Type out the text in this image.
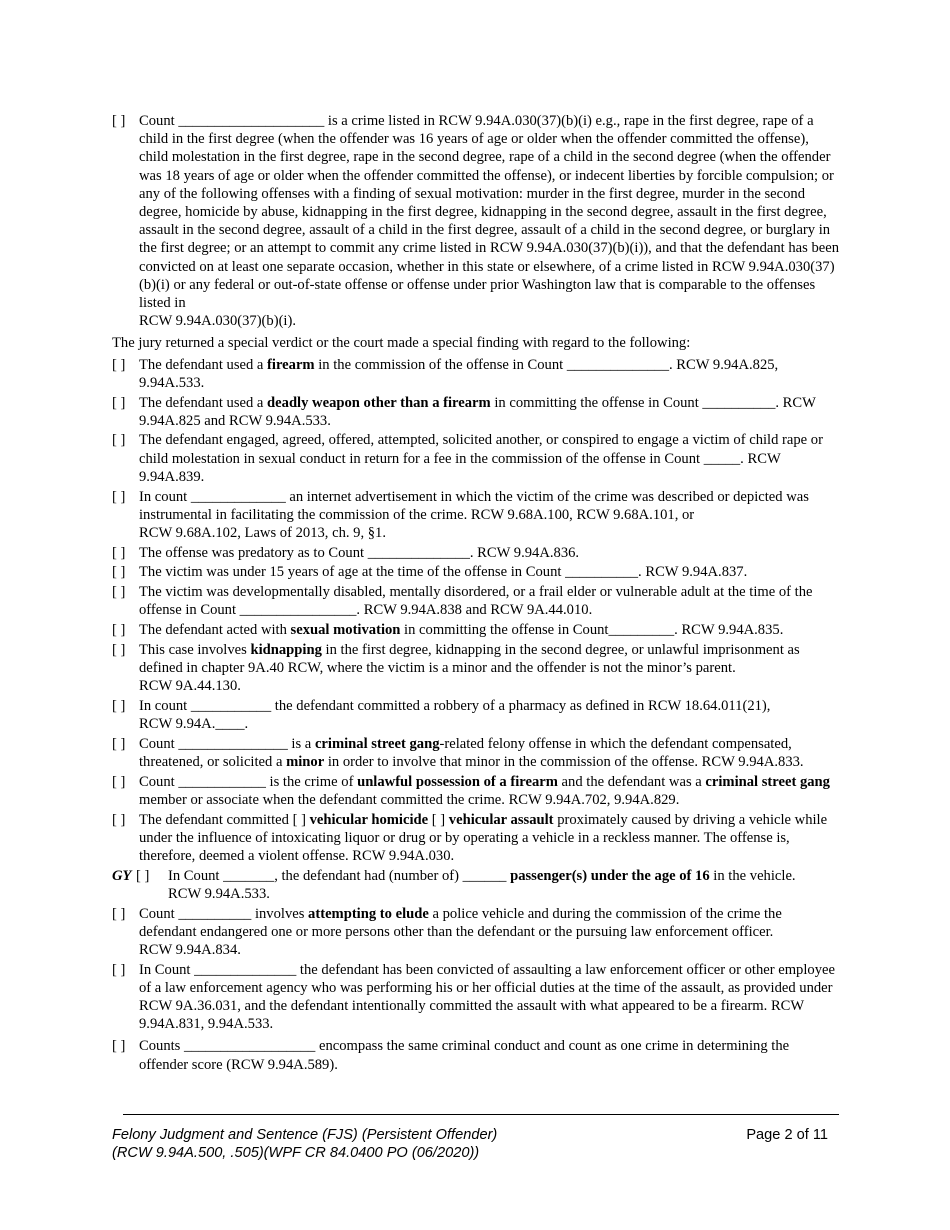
[ ] Count ____________________ is a crime listed in RCW 9.94A.030(37)(b)(i) e.g., rape in the first degree, rape of a child in the first degree (when the offender was 16 years of age or older when the offender committed the offense), child molestation in the first degree, rape in the second degree, rape of a child in the second degree (when the offender was 18 years of age or older when the offender committed the offense), or indecent liberties by forcible compulsion; or any of the following offenses with a finding of sexual motivation: murder in the first degree, murder in the second degree, homicide by abuse, kidnapping in the first degree, kidnapping in the second degree, assault in the first degree, assault in the second degree, assault of a child in the first degree, assault of a child in the second degree, or burglary in the first degree; or an attempt to commit any crime listed in RCW 9.94A.030(37)(b)(i)), and that the defendant has been convicted on at least one separate occasion, whether in this state or elsewhere, of a crime listed in RCW 9.94A.030(37)(b)(i) or any federal or out-of-state offense or offense under prior Washington law that is comparable to the offenses listed in
RCW 9.94A.030(37)(b)(i).
The jury returned a special verdict or the court made a special finding with regard to the following:
[ ] The defendant used a firearm in the commission of the offense in Count ______________. RCW 9.94A.825, 9.94A.533.
[ ] The defendant used a deadly weapon other than a firearm in committing the offense in Count __________. RCW 9.94A.825 and RCW 9.94A.533.
[ ] The defendant engaged, agreed, offered, attempted, solicited another, or conspired to engage a victim of child rape or child molestation in sexual conduct in return for a fee in the commission of the offense in Count _____. RCW 9.94A.839.
[ ] In count _____________ an internet advertisement in which the victim of the crime was described or depicted was instrumental in facilitating the commission of the crime. RCW 9.68A.100, RCW 9.68A.101, or
RCW 9.68A.102, Laws of 2013, ch. 9, §1.
[ ] The offense was predatory as to Count ______________. RCW 9.94A.836.
[ ] The victim was under 15 years of age at the time of the offense in Count __________. RCW 9.94A.837.
[ ] The victim was developmentally disabled, mentally disordered, or a frail elder or vulnerable adult at the time of the offense in Count ________________. RCW 9.94A.838 and RCW 9A.44.010.
[ ] The defendant acted with sexual motivation in committing the offense in Count_________. RCW 9.94A.835.
[ ] This case involves kidnapping in the first degree, kidnapping in the second degree, or unlawful imprisonment as defined in chapter 9A.40 RCW, where the victim is a minor and the offender is not the minor’s parent.
RCW 9A.44.130.
[ ] In count ___________ the defendant committed a robbery of a pharmacy as defined in RCW 18.64.011(21),
RCW 9.94A.____.
[ ] Count _______________ is a criminal street gang-related felony offense in which the defendant compensated, threatened, or solicited a minor in order to involve that minor in the commission of the offense. RCW 9.94A.833.
[ ] Count ____________ is the crime of unlawful possession of a firearm and the defendant was a criminal street gang member or associate when the defendant committed the crime. RCW 9.94A.702, 9.94A.829.
[ ] The defendant committed [ ] vehicular homicide [ ] vehicular assault proximately caused by driving a vehicle while under the influence of intoxicating liquor or drug or by operating a vehicle in a reckless manner. The offense is, therefore, deemed a violent offense. RCW 9.94A.030.
GY [ ] In Count _______, the defendant had (number of) ______ passenger(s) under the age of 16 in the vehicle.
RCW 9.94A.533.
[ ] Count __________ involves attempting to elude a police vehicle and during the commission of the crime the defendant endangered one or more persons other than the defendant or the pursuing law enforcement officer.
RCW 9.94A.834.
[ ] In Count ______________ the defendant has been convicted of assaulting a law enforcement officer or other employee of a law enforcement agency who was performing his or her official duties at the time of the assault, as provided under RCW 9A.36.031, and the defendant intentionally committed the assault with what appeared to be a firearm. RCW 9.94A.831, 9.94A.533.
[ ] Counts __________________ encompass the same criminal conduct and count as one crime in determining the offender score (RCW 9.94A.589).
Felony Judgment and Sentence (FJS) (Persistent Offender)
(RCW 9.94A.500, .505)(WPF CR 84.0400 PO (06/2020))
Page 2 of 11
